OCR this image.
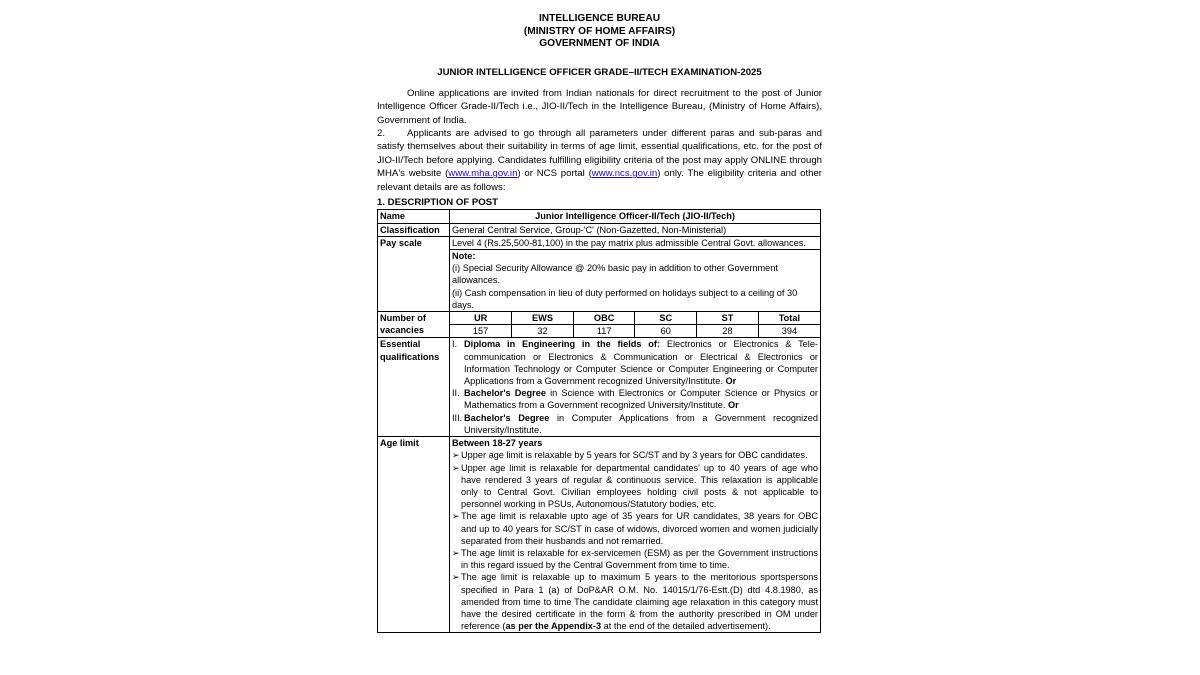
INTELLIGENCE BUREAU
(MINISTRY OF HOME AFFAIRS)
GOVERNMENT OF INDIA
JUNIOR INTELLIGENCE OFFICER GRADE–II/TECH EXAMINATION-2025

Online applications are invited from Indian nationals for direct recruitment to the post of Junior Intelligence Officer Grade-II/Tech i.e., JIO-II/Tech in the Intelligence Bureau, (Ministry of Home Affairs), Government of India.

2. Applicants are advised to go through all parameters under different paras and sub-paras and satisfy themselves about their suitability in terms of age limit, essential qualifications, etc. for the post of JIO-II/Tech before applying. Candidates fulfilling eligibility criteria of the post may apply ONLINE through MHA's website (www.mha.gov.in) or NCS portal (www.ncs.gov.in) only. The eligibility criteria and other relevant details are as follows:

1. DESCRIPTION OF POST
Name	Junior Intelligence Officer-II/Tech (JIO-II/Tech)
Classification	General Central Service, Group-'C' (Non-Gazetted, Non-Ministerial)
Pay scale	Level 4 (Rs.25,500-81,100) in the pay matrix plus admissible Central Govt. allowances.
Note:
(i) Special Security Allowance @ 20% basic pay in addition to other Government allowances.
(ii) Cash compensation in lieu of duty performed on holidays subject to a ceiling of 30 days.

Number of
vacancies

UR	EWS	OBC	SC	ST	Total
157	32	117	60	28	394

Essential
qualifications

I. Diploma in Engineering in the fields of: Electronics or Electronics & Tele-communication or Electronics & Communication or Electrical & Electronics or Information Technology or Computer Science or Computer Engineering or Computer Applications from a Government recognized University/Institute. Or
II. Bachelor's Degree in Science with Electronics or Computer Science or Physics or Mathematics from a Government recognized University/Institute. Or
III. Bachelor's Degree in Computer Applications from a Government recognized University/Institute.

Age limit	Between 18-27 years
➢ Upper age limit is relaxable by 5 years for SC/ST and by 3 years for OBC candidates.
➢ Upper age limit is relaxable for departmental candidates' up to 40 years of age who have rendered 3 years of regular & continuous service. This relaxation is applicable only to Central Govt. Civilian employees holding civil posts & not applicable to personnel working in PSUs, Autonomous/Statutory bodies, etc.
➢ The age limit is relaxable upto age of 35 years for UR candidates, 38 years for OBC and up to 40 years for SC/ST in case of widows, divorced women and women judicially separated from their husbands and not remarried.
➢ The age limit is relaxable for ex-servicemen (ESM) as per the Government instructions in this regard issued by the Central Government from time to time.
➢ The age limit is relaxable up to maximum 5 years to the meritorious sportspersons specified in Para 1 (a) of DoP&AR O.M. No. 14015/1/76-Estt.(D) dtd 4.8.1980, as amended from time to time The candidate claiming age relaxation in this category must have the desired certificate in the form & from the authority prescribed in OM under reference (as per the Appendix-3 at the end of the detailed advertisement).
